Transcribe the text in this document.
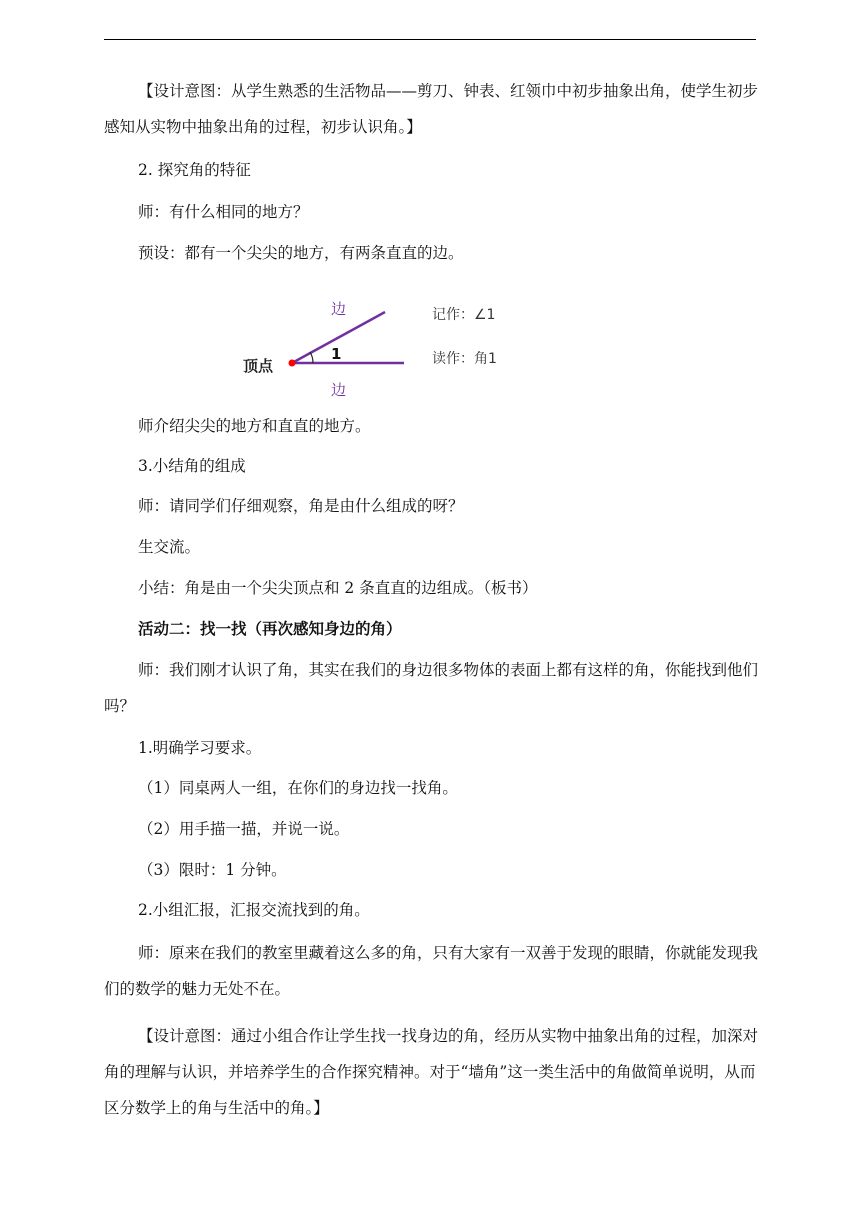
【设计意图：从学生熟悉的生活物品——剪刀、钟表、红领巾中初步抽象出角，使学生初步感知从实物中抽象出角的过程，初步认识角。】
2. 探究角的特征
师：有什么相同的地方？
预设：都有一个尖尖的地方，有两条直直的边。
边
边
顶点
1
记作：∠1
读作：角1
师介绍尖尖的地方和直直的地方。
3.小结角的组成
师：请同学们仔细观察，角是由什么组成的呀？
生交流。
小结：角是由一个尖尖顶点和 2 条直直的边组成。（板书）
活动二：找一找（再次感知身边的角）
师：我们刚才认识了角，其实在我们的身边很多物体的表面上都有这样的角，你能找到他们吗？
1.明确学习要求。
（1）同桌两人一组，在你们的身边找一找角。
（2）用手描一描，并说一说。
（3）限时：1 分钟。
2.小组汇报，汇报交流找到的角。
师：原来在我们的教室里藏着这么多的角，只有大家有一双善于发现的眼睛，你就能发现我们的数学的魅力无处不在。
【设计意图：通过小组合作让学生找一找身边的角，经历从实物中抽象出角的过程，加深对角的理解与认识，并培养学生的合作探究精神。对于“墙角”这一类生活中的角做简单说明，从而区分数学上的角与生活中的角。】
